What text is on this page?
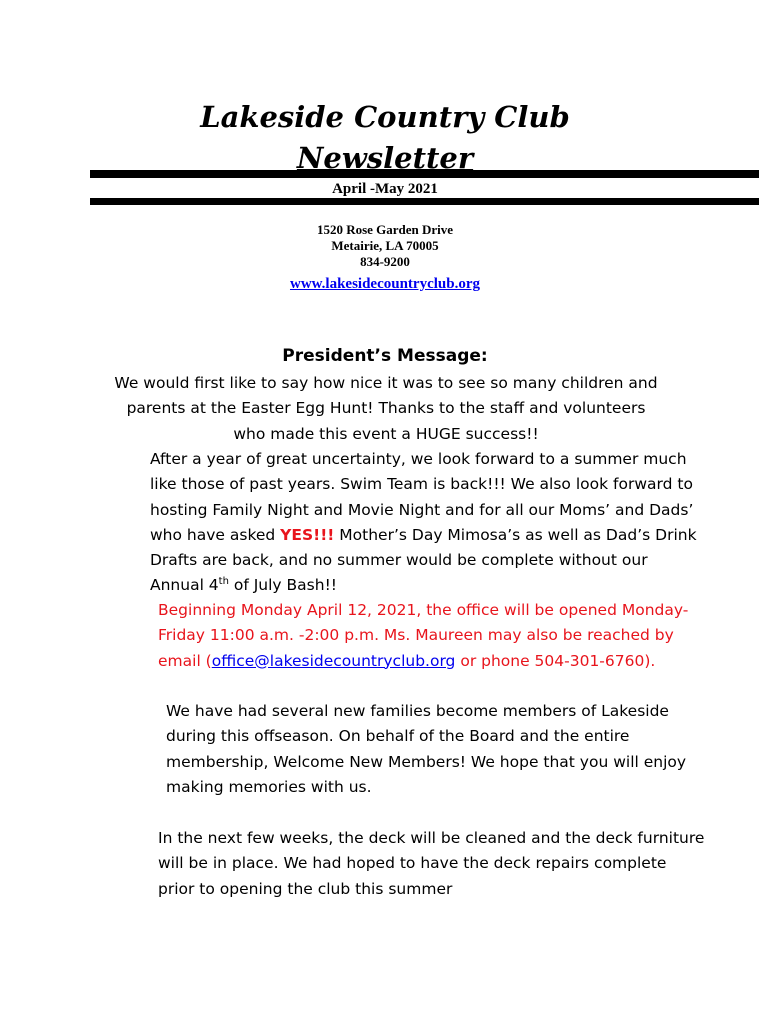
Lakeside Country Club
Newsletter
April -May 2021
1520 Rose Garden Drive
Metairie, LA 70005
834-9200
www.lakesidecountryclub.org
President’s Message:

We would first like to say how nice it was to see so many children and parents at the Easter Egg Hunt! Thanks to the staff and volunteers who made this event a HUGE success!!

After a year of great uncertainty, we look forward to a summer much like those of past years. Swim Team is back!!! We also look forward to hosting Family Night and Movie Night and for all our Moms’ and Dads’ who have asked YES!!! Mother’s Day Mimosa’s as well as Dad’s Drink Drafts are back, and no summer would be complete without our Annual 4th of July Bash!!

Beginning Monday April 12, 2021, the office will be opened Monday-Friday 11:00 a.m. -2:00 p.m. Ms. Maureen may also be reached by email (office@lakesidecountryclub.org or phone 504-301-6760).

We have had several new families become members of Lakeside during this offseason. On behalf of the Board and the entire membership, Welcome New Members! We hope that you will enjoy making memories with us.

In the next few weeks, the deck will be cleaned and the deck furniture will be in place. We had hoped to have the deck repairs complete prior to opening the club this summer
